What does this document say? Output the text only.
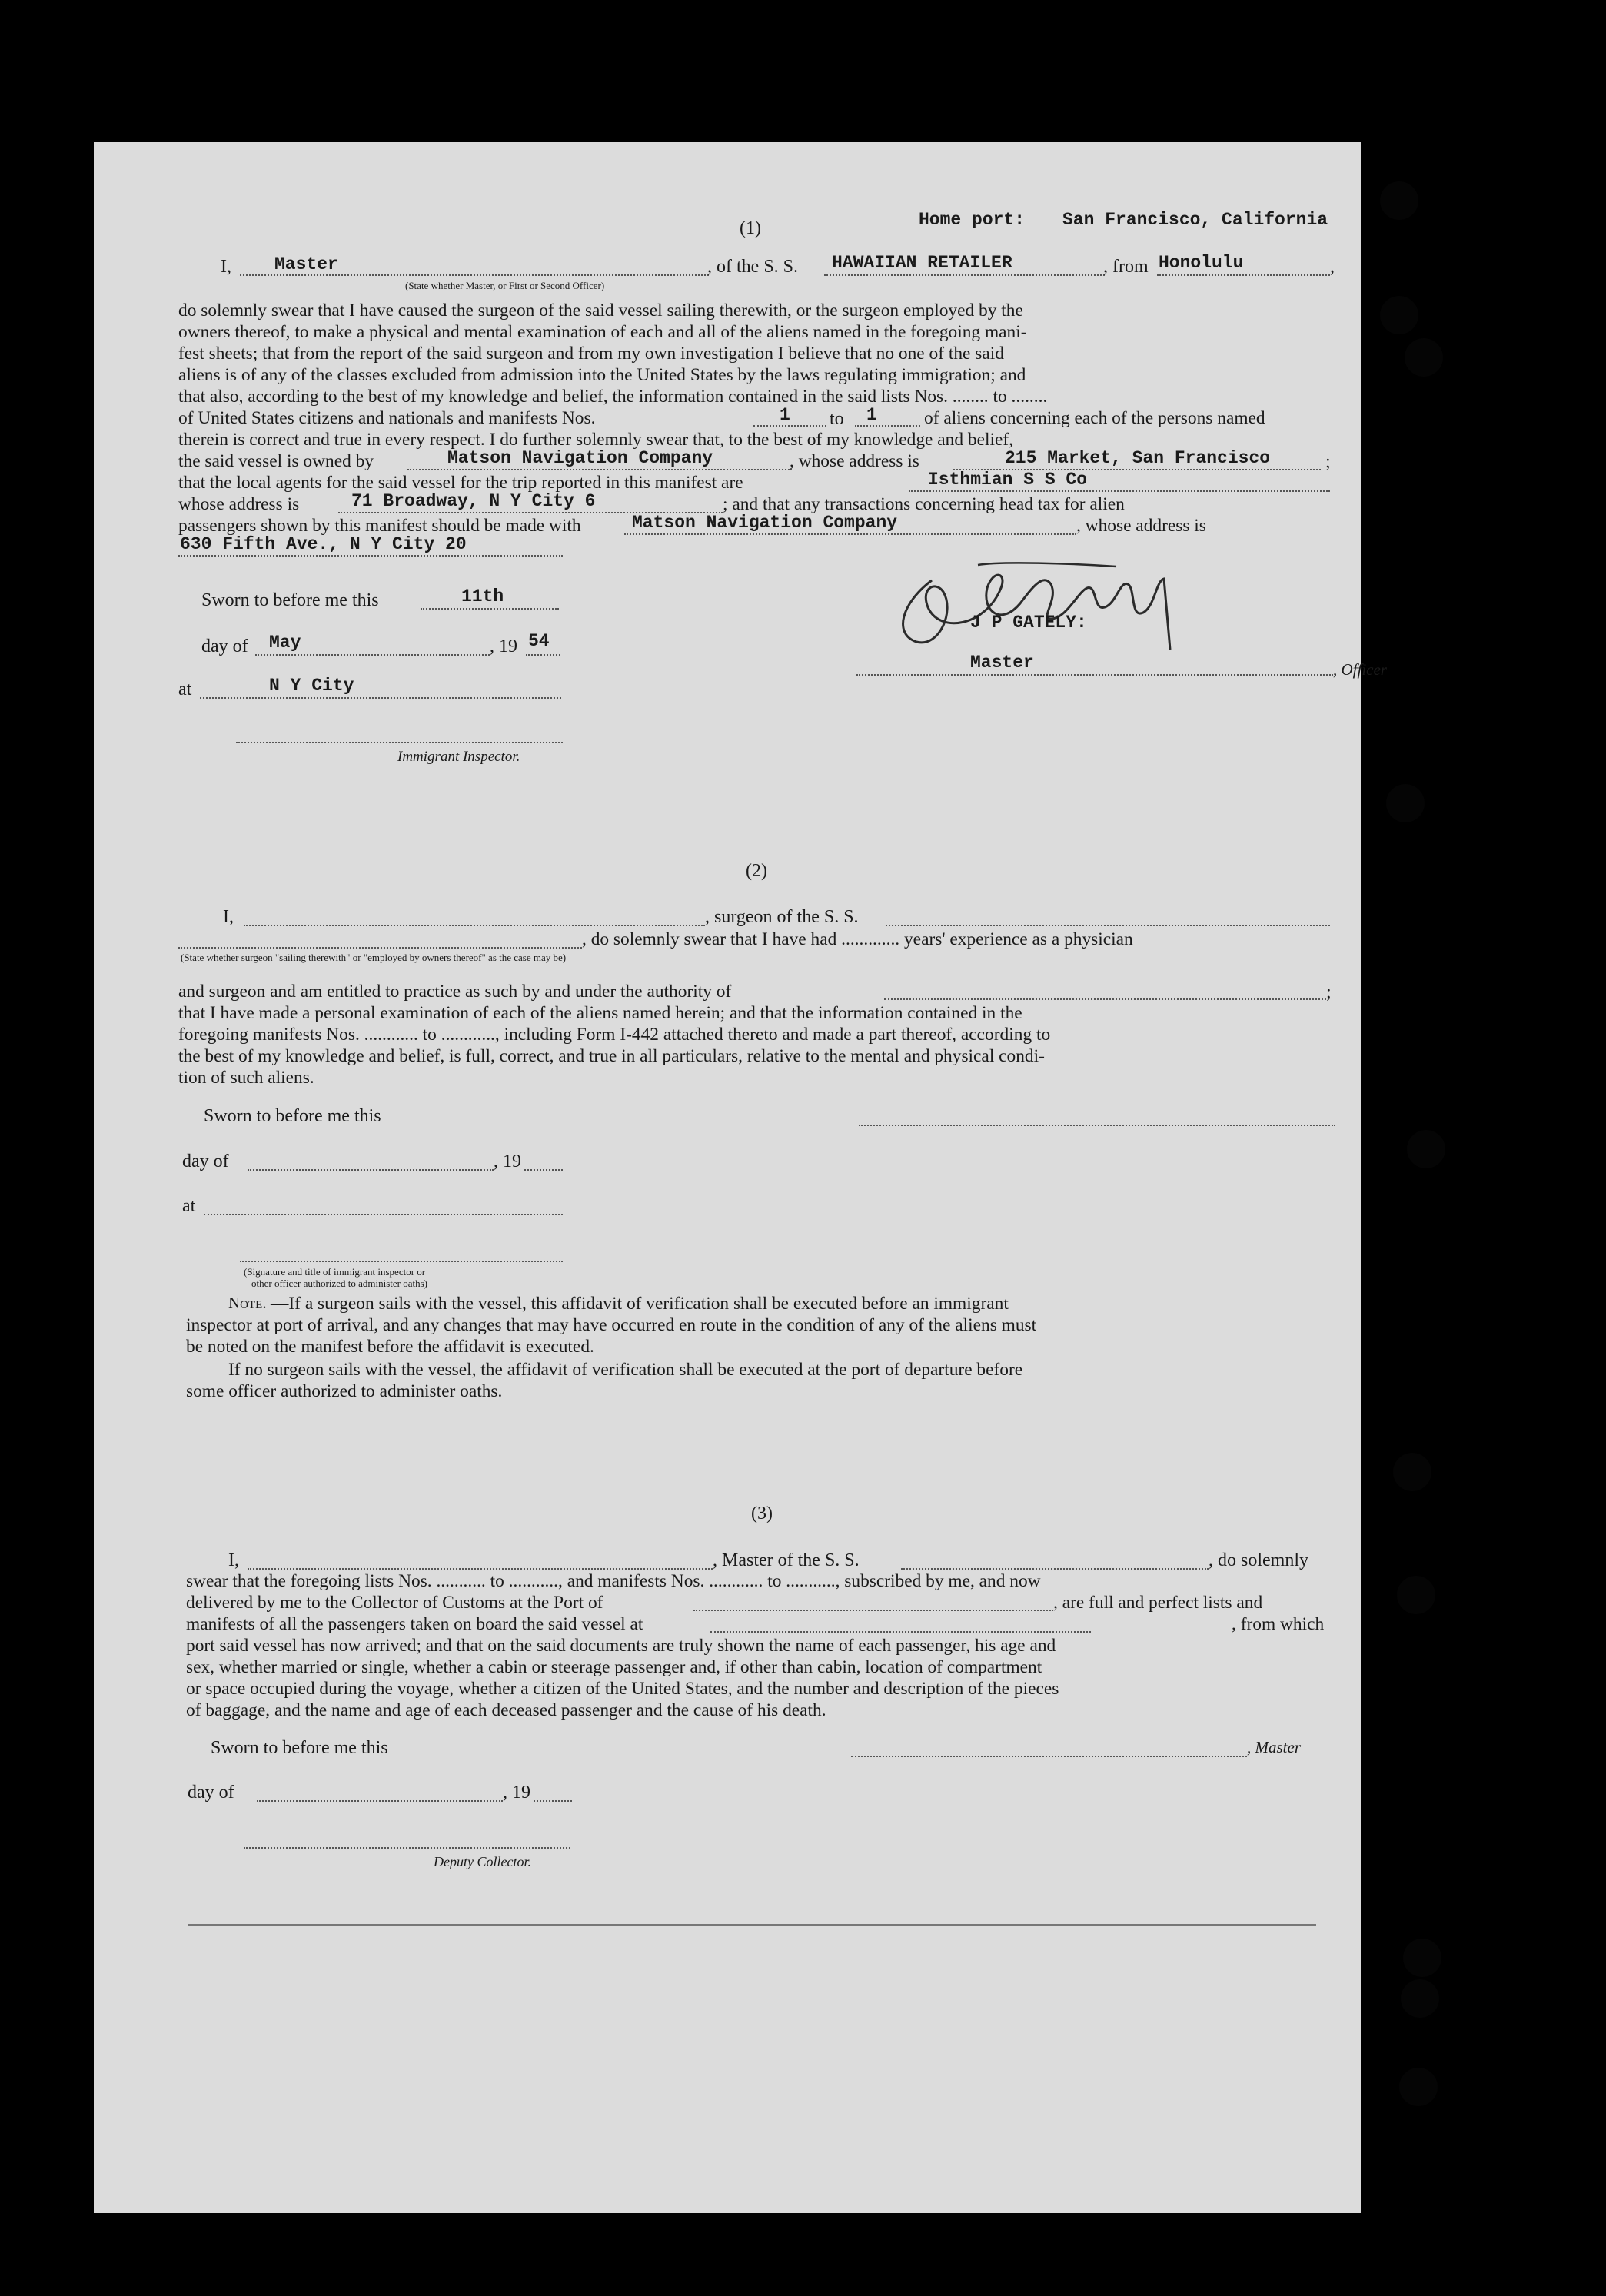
Home port: San Francisco, California
(1)
I, Master
(State whether Master, or First or Second Officer)
, of the S. S. HAWAIIAN RETAILER	, from Honolulu	,
do solemnly swear that I have caused the surgeon of the said vessel sailing therewith, or the surgeon employed by the
owners thereof, to make a physical and mental examination of each and all of the aliens named in the foregoing mani-
fest sheets; that from the report of the said surgeon and from my own investigation I believe that no one of the said
aliens is of any of the classes excluded from admission into the United States by the laws regulating immigration; and
that also, according to the best of my knowledge and belief, the information contained in the said lists Nos. ........ to ........
of United States citizens and nationals and manifests Nos.	1 to 1	of aliens concerning each of the persons named
therein is correct and true in every respect. I do further solemnly swear that, to the best of my knowledge and belief,
the said vessel is owned by	Matson Navigation Company	, whose address is	215 Market, San Francisco	;
that the local agents for the said vessel for the trip reported in this manifest are	Isthmian S S Co
whose address is	71 Broadway, N Y City 6	; and that any transactions concerning head tax for alien
passengers shown by this manifest should be made with	Matson Navigation Company	, whose address is
630 Fifth Ave., N Y City 20
Sworn to before me this	11th
day of May	, 19 54
at	N Y City
Immigrant Inspector.
J P GATELY:
Master	, Officer
(2)
I,	, surgeon of the S. S.
, do solemnly swear that I have had ............. years' experience as a physician
(State whether surgeon "sailing therewith" or "employed by owners thereof" as the case may be)
and surgeon and am entitled to practice as such by and under the authority of	;
that I have made a personal examination of each of the aliens named herein; and that the information contained in the
foregoing manifests Nos. ............ to ............, including Form I-442 attached thereto and made a part thereof, according to
the best of my knowledge and belief, is full, correct, and true in all particulars, relative to the mental and physical condi-
tion of such aliens.
Sworn to before me this
day of	, 19
at
(Signature and title of immigrant inspector or
other officer authorized to administer oaths)
Note. —If a surgeon sails with the vessel, this affidavit of verification shall be executed before an immigrant
inspector at port of arrival, and any changes that may have occurred en route in the condition of any of the aliens must
be noted on the manifest before the affidavit is executed.
If no surgeon sails with the vessel, the affidavit of verification shall be executed at the port of departure before
some officer authorized to administer oaths.
(3)
I,	, Master of the S. S.	, do solemnly
swear that the foregoing lists Nos. ........... to ..........., and manifests Nos. ............ to ..........., subscribed by me, and now
delivered by me to the Collector of Customs at the Port of	, are full and perfect lists and
manifests of all the passengers taken on board the said vessel at	, from which
port said vessel has now arrived; and that on the said documents are truly shown the name of each passenger, his age and
sex, whether married or single, whether a cabin or steerage passenger and, if other than cabin, location of compartment
or space occupied during the voyage, whether a citizen of the United States, and the number and description of the pieces
of baggage, and the name and age of each deceased passenger and the cause of his death.
Sworn to before me this	, Master
day of	, 19
Deputy Collector.
